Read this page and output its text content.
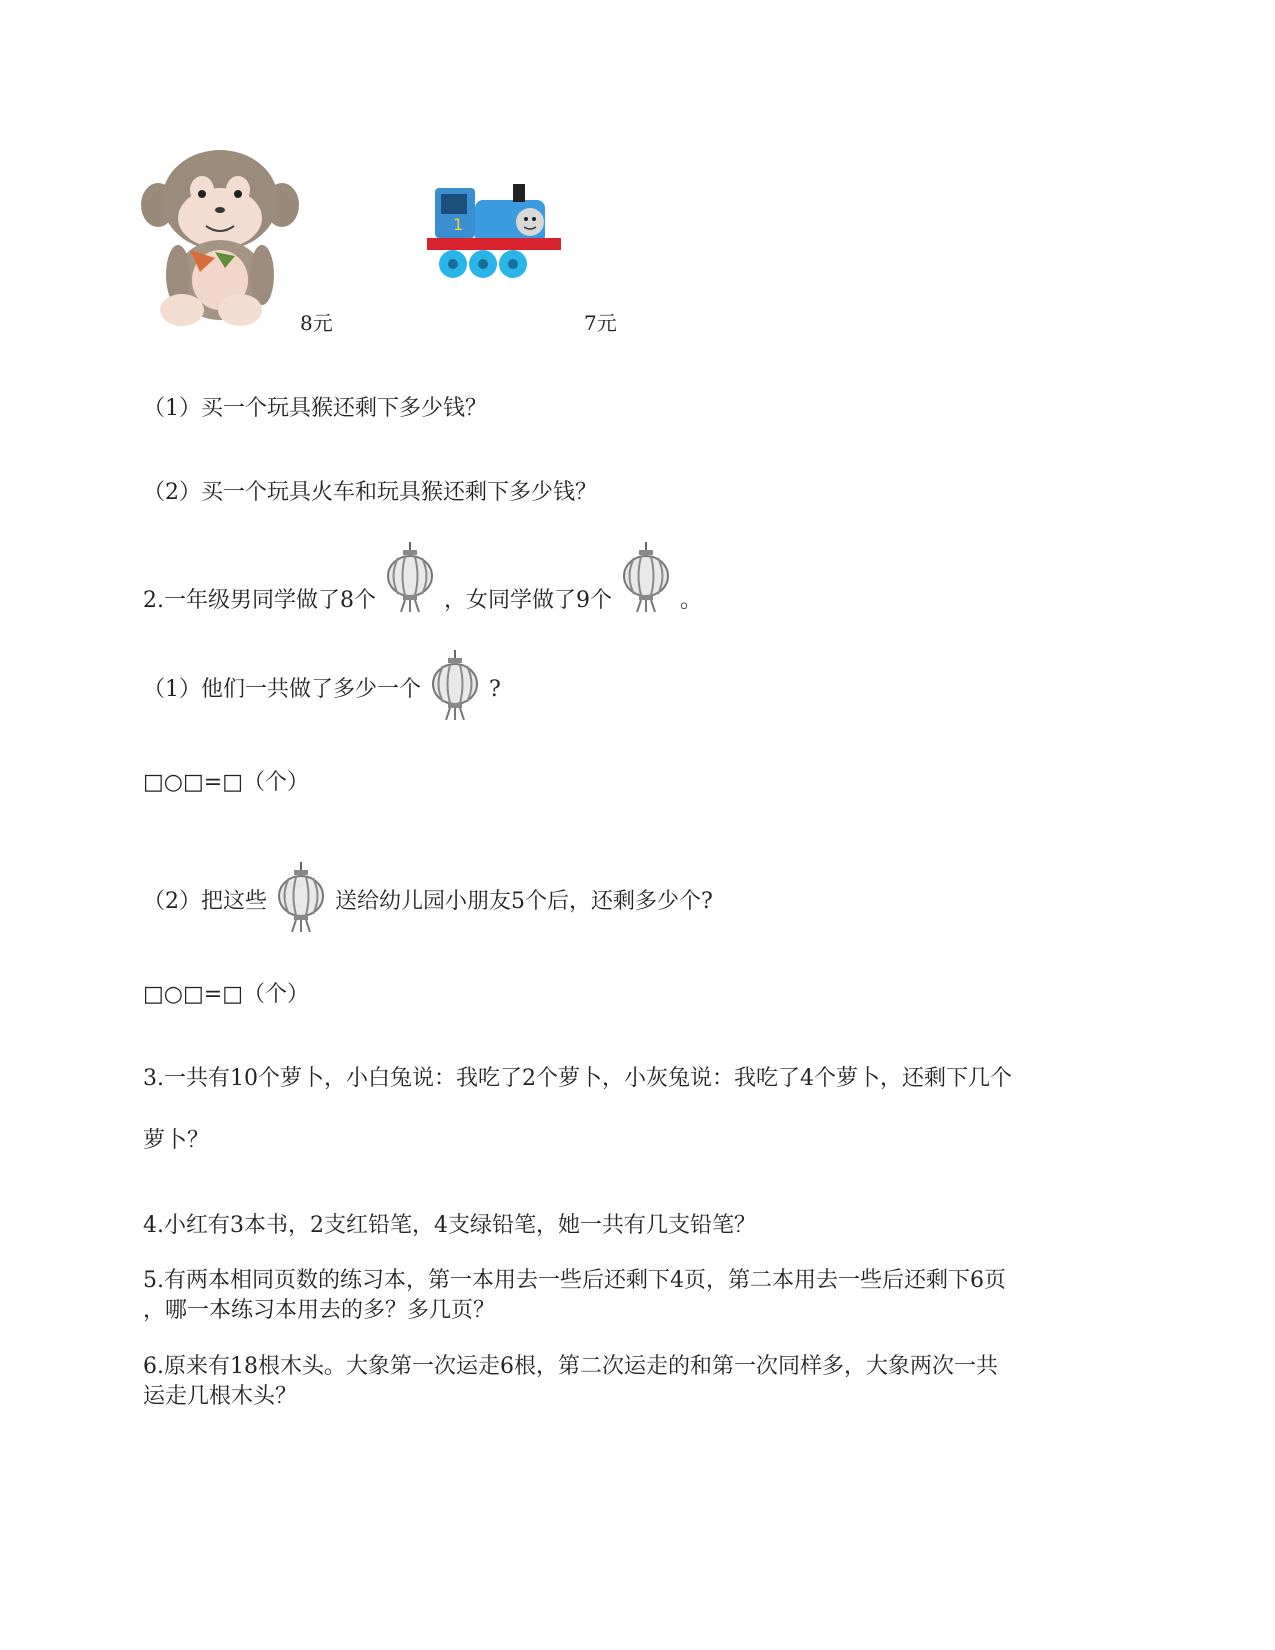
1
8元	7元
（1）买一个玩具猴还剩下多少钱？
（2）买一个玩具火车和玩具猴还剩下多少钱？
2.一年级男同学做了8个	，女同学做了9个	。
（1）他们一共做了多少一个	?
□○□=□（个）
（2）把这些	送给幼儿园小朋友5个后，还剩多少个?
□○□=□（个）
3.一共有10个萝卜，小白兔说：我吃了2个萝卜，小灰兔说：我吃了4个萝卜，还剩下几个
萝卜？
4.小红有3本书，2支红铅笔，4支绿铅笔，她一共有几支铅笔？
5.有两本相同页数的练习本，第一本用去一些后还剩下4页，第二本用去一些后还剩下6页
，哪一本练习本用去的多？多几页？
6.原来有18根木头。大象第一次运走6根，第二次运走的和第一次同样多，大象两次一共
运走几根木头？
